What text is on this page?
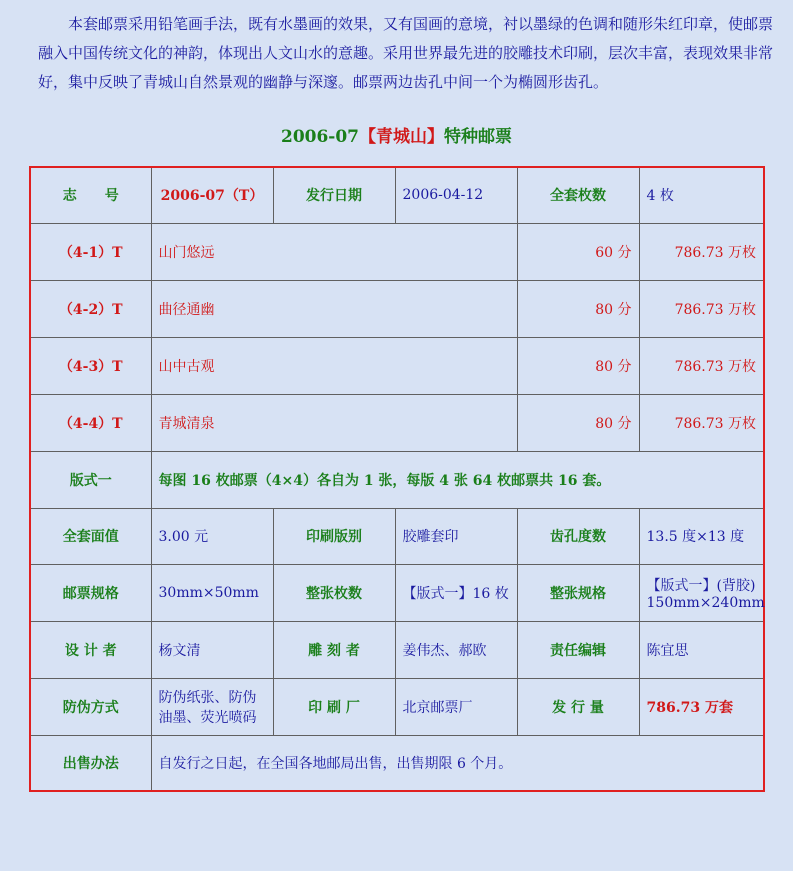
本套邮票采用铅笔画手法，既有水墨画的效果，又有国画的意境，衬以墨绿的色调和随形朱红印章，使邮票融入中国传统文化的神韵，体现出人文山水的意趣。采用世界最先进的胶雕技术印刷，层次丰富，表现效果非常好，集中反映了青城山自然景观的幽静与深邃。邮票两边齿孔中间一个为椭圆形齿孔。
2006-07【青城山】特种邮票
志　　号	2006-07（T）	发行日期	2006-04-12	全套枚数	4 枚
（4-1）T	山门悠远			60 分	786.73 万枚
（4-2）T	曲径通幽			80 分	786.73 万枚
（4-3）T	山中古观			80 分	786.73 万枚
（4-4）T	青城清泉			80 分	786.73 万枚
版式一	每图 16 枚邮票（4×4）各自为 1 张，每版 4 张 64 枚邮票共 16 套。				
全套面值	3.00 元	印刷版别	胶雕套印	齿孔度数	13.5 度×13 度
邮票规格	30mm×50mm	整张枚数	【版式一】16 枚	整张规格	【版式一】(背胶) 150mm×240mm
设 计 者	杨文清	雕 刻 者	姜伟杰、郝欧	责任编辑	陈宜思
防伪方式	防伪纸张、防伪油墨、荧光喷码	印 刷 厂	北京邮票厂	发 行 量	786.73 万套
出售办法	自发行之日起，在全国各地邮局出售，出售期限 6 个月。				
